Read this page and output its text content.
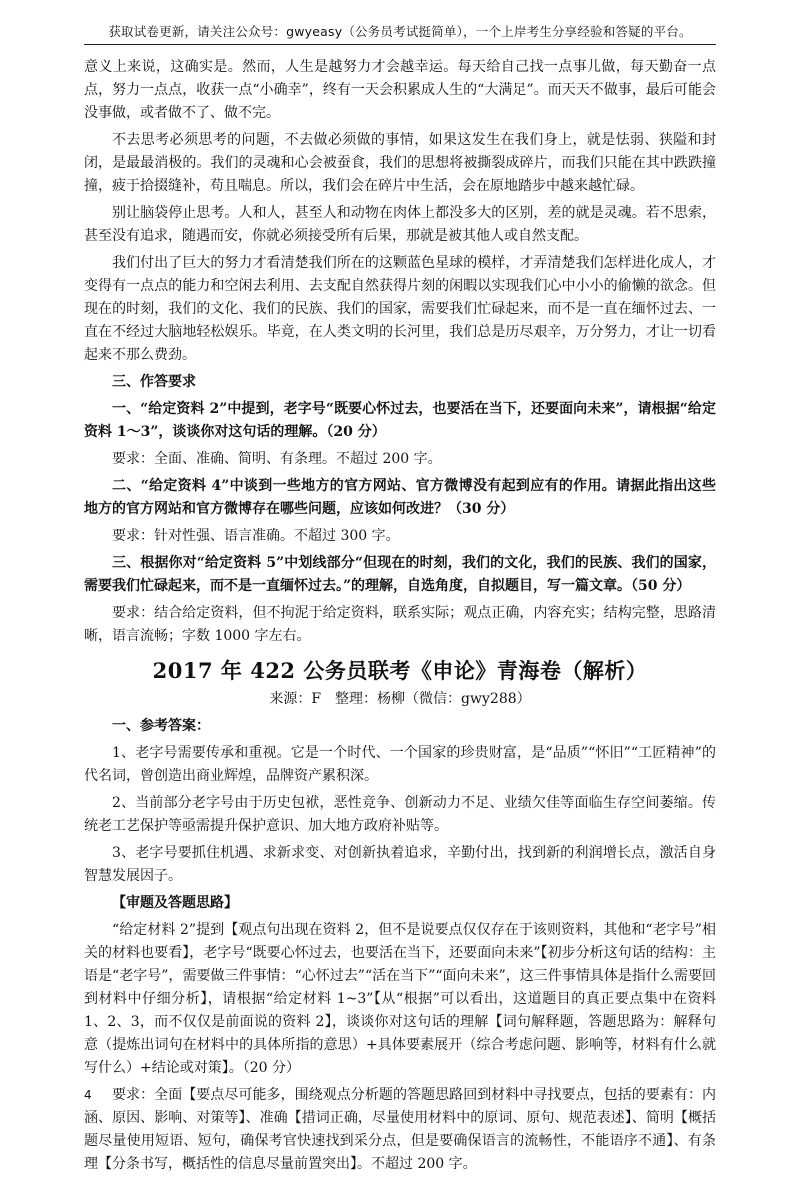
获取试卷更新，请关注公众号：gwyeasy（公务员考试挺简单），一个上岸考生分享经验和答疑的平台。

意义上来说，这确实是。然而，人生是越努力才会越幸运。每天给自己找一点事儿做，每天勤奋一点点，努力一点点，收获一点“小确幸”，终有一天会积累成人生的“大满足”。而天天不做事，最后可能会没事做，或者做不了、做不完。

不去思考必须思考的问题，不去做必须做的事情，如果这发生在我们身上，就是怯弱、狭隘和封闭，是最最消极的。我们的灵魂和心会被蚕食，我们的思想将被撕裂成碎片，而我们只能在其中跌跌撞撞，疲于拾掇缝补，苟且喘息。所以，我们会在碎片中生活，会在原地踏步中越来越忙碌。

别让脑袋停止思考。人和人，甚至人和动物在肉体上都没多大的区别，差的就是灵魂。若不思索，甚至没有追求，随遇而安，你就必须接受所有后果，那就是被其他人或自然支配。

我们付出了巨大的努力才看清楚我们所在的这颗蓝色星球的模样，才弄清楚我们怎样进化成人，才变得有一点点的能力和空闲去利用、去支配自然获得片刻的闲暇以实现我们心中小小的偷懒的欲念。但现在的时刻，我们的文化、我们的民族、我们的国家，需要我们忙碌起来，而不是一直在缅怀过去、一直在不经过大脑地轻松娱乐。毕竟，在人类文明的长河里，我们总是历尽艰辛，万分努力，才让一切看起来不那么费劲。

三、作答要求

一、“给定资料 2”中提到，老字号“既要心怀过去，也要活在当下，还要面向未来”，请根据“给定资料 1～3”，谈谈你对这句话的理解。（20 分）

要求：全面、准确、简明、有条理。不超过 200 字。

二、“给定资料 4”中谈到一些地方的官方网站、官方微博没有起到应有的作用。请据此指出这些地方的官方网站和官方微博存在哪些问题，应该如何改进？（30 分）

要求：针对性强、语言准确。不超过 300 字。

三、根据你对“给定资料 5”中划线部分“但现在的时刻，我们的文化，我们的民族、我们的国家，需要我们忙碌起来，而不是一直缅怀过去。”的理解，自选角度，自拟题目，写一篇文章。（50 分）

要求：结合给定资料，但不拘泥于给定资料，联系实际；观点正确，内容充实；结构完整，思路清晰，语言流畅；字数 1000 字左右。

2017 年 422 公务员联考《申论》青海卷（解析）
来源：F　整理：杨柳（微信：gwy288）
一、参考答案：

1、老字号需要传承和重视。它是一个时代、一个国家的珍贵财富，是“品质”“怀旧”“工匠精神”的代名词，曾创造出商业辉煌，品牌资产累积深。

2、当前部分老字号由于历史包袱，恶性竞争、创新动力不足、业绩欠佳等面临生存空间萎缩。传统老工艺保护等亟需提升保护意识、加大地方政府补贴等。

3、老字号要抓住机遇、求新求变、对创新执着追求，辛勤付出，找到新的利润增长点，激活自身智慧发展因子。

【审题及答题思路】

“给定材料 2”提到【观点句出现在资料 2，但不是说要点仅仅存在于该则资料，其他和“老字号”相关的材料也要看】，老字号“既要心怀过去，也要活在当下，还要面向未来”【初步分析这句话的结构：主语是“老字号”，需要做三件事情：“心怀过去”“活在当下”“面向未来”，这三件事情具体是指什么需要回到材料中仔细分析】，请根据“给定材料 1~3”【从“根据”可以看出，这道题目的真正要点集中在资料 1、2、3，而不仅仅是前面说的资料 2】，谈谈你对这句话的理解【词句解释题，答题思路为：解释句意（提炼出词句在材料中的具体所指的意思）+具体要素展开（综合考虑问题、影响等，材料有什么就写什么）+结论或对策】。（20 分）

要求：全面【要点尽可能多，围绕观点分析题的答题思路回到材料中寻找要点，包括的要素有：内涵、原因、影响、对策等】、准确【措词正确，尽量使用材料中的原词、原句、规范表述】、简明【概括题尽量使用短语、短句，确保考官快速找到采分点，但是要确保语言的流畅性，不能语序不通】、有条理【分条书写，概括性的信息尽量前置突出】。不超过 200 字。

4
